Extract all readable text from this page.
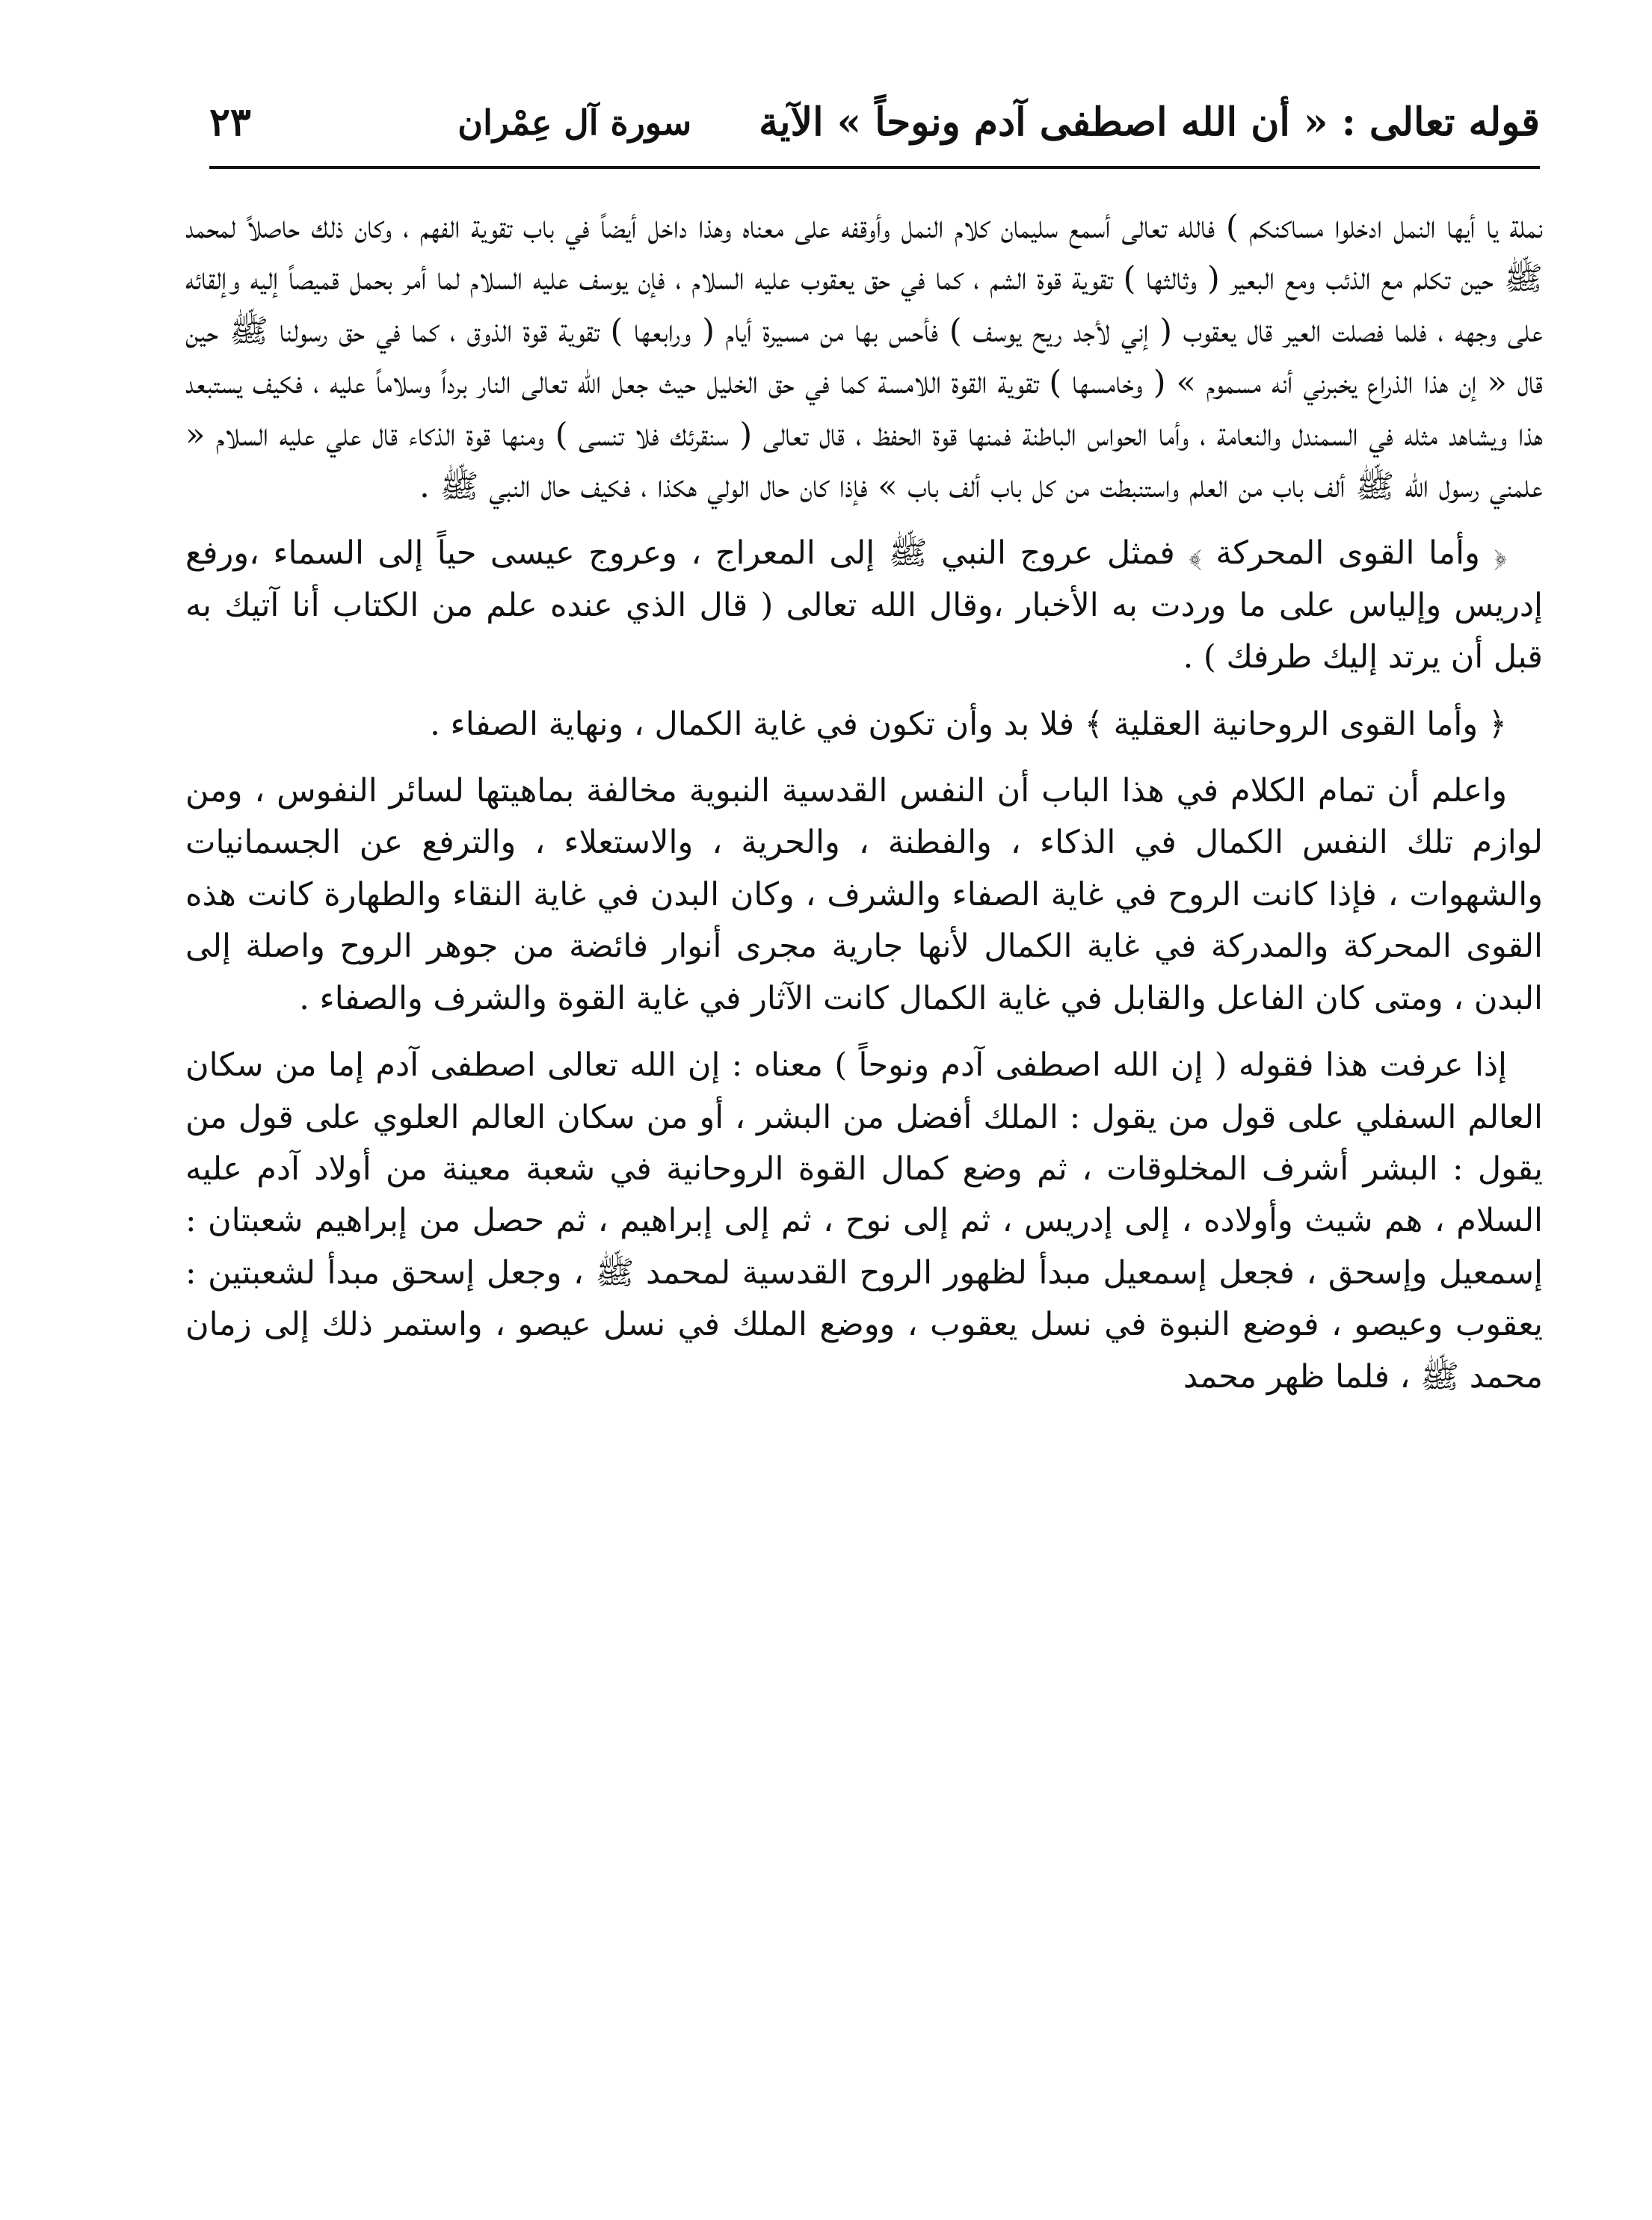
قوله تعالى : « أن الله اصطفى آدم ونوحاً » الآية
سورة آل عِمْران
٢٣

نملة يا أيها النمل ادخلوا مساكنكم ) فالله تعالى أسمع سليمان كلام النمل وأوقفه على معناه وهذا داخل أيضاً في باب تقوية الفهم ، وكان ذلك حاصلاً لمحمد ﷺ حين تكلم مع الذئب ومع البعير ( وثالثها ) تقوية قوة الشم ، كما في حق يعقوب عليه السلام ، فإن يوسف عليه السلام لما أمر بحمل قميصاً إليه وإلقائه على وجهه ، فلما فصلت العير قال يعقوب ( إني لأجد ريح يوسف ) فأحس بها من مسيرة أيام ( ورابعها ) تقوية قوة الذوق ، كما في حق رسولنا ﷺ حين قال « إن هذا الذراع يخبرني أنه مسموم » ( وخامسها ) تقوية القوة اللامسة كما في حق الخليل حيث جعل الله تعالى النار برداً وسلاماً عليه ، فكيف يستبعد هذا ويشاهد مثله في السمندل والنعامة ، وأما الحواس الباطنة فمنها قوة الحفظ ، قال تعالى ( سنقرئك فلا تنسى ) ومنها قوة الذكاء قال علي عليه السلام « علمني رسول الله ﷺ ألف باب من العلم واستنبطت من كل باب ألف باب » فإذا كان حال الولي هكذا ، فكيف حال النبي ﷺ .

﴿ وأما القوى المحركة ﴾ فمثل عروج النبي ﷺ إلى المعراج ، وعروج عيسى حياً إلى السماء ،ورفع إدريس وإلياس على ما وردت به الأخبار ،وقال الله تعالى ( قال الذي عنده علم من الكتاب أنا آتيك به قبل أن يرتد إليك طرفك ) .

﴿ وأما القوى الروحانية العقلية ﴾ فلا بد وأن تكون في غاية الكمال ، ونهاية الصفاء .

واعلم أن تمام الكلام في هذا الباب أن النفس القدسية النبوية مخالفة بماهيتها لسائر النفوس ، ومن لوازم تلك النفس الكمال في الذكاء ، والفطنة ، والحرية ، والاستعلاء ، والترفع عن الجسمانيات والشهوات ، فإذا كانت الروح في غاية الصفاء والشرف ، وكان البدن في غاية النقاء والطهارة كانت هذه القوى المحركة والمدركة في غاية الكمال لأنها جارية مجرى أنوار فائضة من جوهر الروح واصلة إلى البدن ، ومتى كان الفاعل والقابل في غاية الكمال كانت الآثار في غاية القوة والشرف والصفاء .

إذا عرفت هذا فقوله ( إن الله اصطفى آدم ونوحاً ) معناه : إن الله تعالى اصطفى آدم إما من سكان العالم السفلي على قول من يقول : الملك أفضل من البشر ، أو من سكان العالم العلوي على قول من يقول : البشر أشرف المخلوقات ، ثم وضع كمال القوة الروحانية في شعبة معينة من أولاد آدم عليه السلام ، هم شيث وأولاده ، إلى إدريس ، ثم إلى نوح ، ثم إلى إبراهيم ، ثم حصل من إبراهيم شعبتان : إسمعيل وإسحق ، فجعل إسمعيل مبدأ لظهور الروح القدسية لمحمد ﷺ ، وجعل إسحق مبدأ لشعبتين : يعقوب وعيصو ، فوضع النبوة في نسل يعقوب ، ووضع الملك في نسل عيصو ، واستمر ذلك إلى زمان محمد ﷺ ، فلما ظهر محمد
